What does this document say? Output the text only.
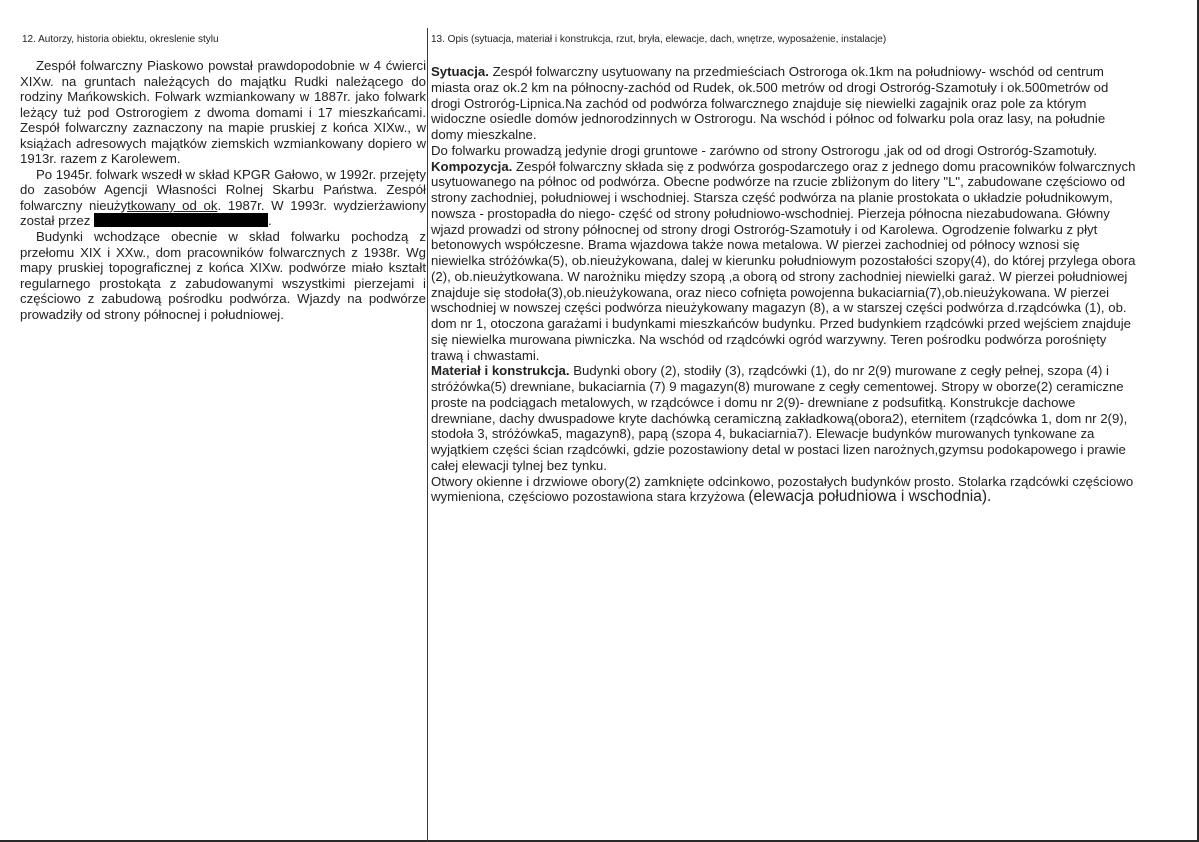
12. Autorzy, historia obiektu, okreslenie stylu	13. Opis (sytuacja, materiał i konstrukcja, rzut, bryła, elewacje, dach, wnętrze, wyposażenie, instalacje)

Zespół folwarczny Piaskowo powstał prawdopodobnie w 4 ćwierci XIXw. na gruntach należących do majątku Rudki należącego do rodziny Mańkowskich. Folwark wzmiankowany w 1887r. jako folwark leżący tuż pod Ostrorogiem z dwoma domami i 17 mieszkańcami. Zespół folwarczny zaznaczony na mapie pruskiej z końca XIXw., w książach adresowych majątków ziemskich wzmiankowany dopiero w 1913r. razem z Karolewem.

Po 1945r. folwark wszedł w skład KPGR Gałowo, w 1992r. przejęty do zasobów Agencji Własności Rolnej Skarbu Państwa. Zespół folwarczny nieużytkowany od ok. 1987r. W 1993r. wydzierżawiony został przez	.

Budynki wchodzące obecnie w skład folwarku pochodzą z przełomu XIX i XXw., dom pracowników folwarcznych z 1938r. Wg mapy pruskiej topograficznej z końca XIXw. podwórze miało kształt regularnego prostokąta z zabudowanymi wszystkimi pierzejami i częściowo z zabudową pośrodku podwórza. Wjazdy na podwórze prowadziły od strony północnej i południowej.

Sytuacja. Zespół folwarczny usytuowany na przedmieściach Ostroroga ok.1km na południowy- wschód od centrum miasta oraz ok.2 km na północny-zachód od Rudek, ok.500 metrów od drogi Ostroróg-Szamotuły i ok.500metrów od drogi Ostroróg-Lipnica.Na zachód od podwórza folwarcznego znajduje się niewielki zagajnik oraz pole za którym widoczne osiedle domów jednorodzinnych w Ostrorogu. Na wschód i północ od folwarku pola oraz lasy, na południe domy mieszkalne.

Do folwarku prowadzą jedynie drogi gruntowe - zarówno od strony Ostrorogu ,jak od od drogi Ostroróg-Szamotuły.

Kompozycja. Zespół folwarczny składa się z podwórza gospodarczego oraz z jednego domu pracowników folwarcznych usytuowanego na północ od podwórza. Obecne podwórze na rzucie zbliżonym do litery "L", zabudowane częściowo od strony zachodniej, południowej i wschodniej. Starsza część podwórza na planie prostokata o układzie południkowym, nowsza - prostopadła do niego- część od strony południowo-wschodniej. Pierzeja północna niezabudowana. Główny wjazd prowadzi od strony północnej od strony drogi Ostroróg-Szamotuły i od Karolewa. Ogrodzenie folwarku z płyt betonowych współczesne. Brama wjazdowa także nowa metalowa. W pierzei zachodniej od północy wznosi się niewielka stróżówka(5), ob.nieużykowana, dalej w kierunku południowym pozostałości szopy(4), do której przylega obora (2), ob.nieużytkowana. W narożniku między szopą ,a oborą od strony zachodniej niewielki garaż. W pierzei południowej znajduje się stodoła(3),ob.nieużykowana, oraz nieco cofnięta powojenna bukaciarnia(7),ob.nieużykowana. W pierzei wschodniej w nowszej części podwórza nieużykowany magazyn (8), a w starszej części podwórza d.rządcówka (1), ob. dom nr 1, otoczona garażami i budynkami mieszkańców budynku. Przed budynkiem rządcówki przed wejściem znajduje się niewielka murowana piwniczka. Na wschód od rządcówki ogród warzywny. Teren pośrodku podwórza porośnięty trawą i chwastami.

Materiał i konstrukcja. Budynki obory (2), stodiły (3), rządcówki (1), do nr 2(9) murowane z cegły pełnej, szopa (4) i stróżówka(5) drewniane, bukaciarnia (7) 9 magazyn(8) murowane z cegły cementowej. Stropy w oborze(2) ceramiczne proste na podciągach metalowych, w rządcówce i domu nr 2(9)- drewniane z podsufitką. Konstrukcje dachowe drewniane, dachy dwuspadowe kryte dachówką ceramiczną zakładkową(obora2), eternitem (rządcówka 1, dom nr 2(9), stodoła 3, stróżówka5, magazyn8), papą (szopa 4, bukaciarnia7). Elewacje budynków murowanych tynkowane za wyjątkiem części ścian rządcówki, gdzie pozostawiony detal w postaci lizen narożnych,gzymsu podokapowego i prawie całej elewacji tylnej bez tynku.

Otwory okienne i drzwiowe obory(2) zamknięte odcinkowo, pozostałych budynków prosto. Stolarka rządcówki częściowo wymieniona, częściowo pozostawiona stara krzyżowa (elewacja południowa i wschodnia).
